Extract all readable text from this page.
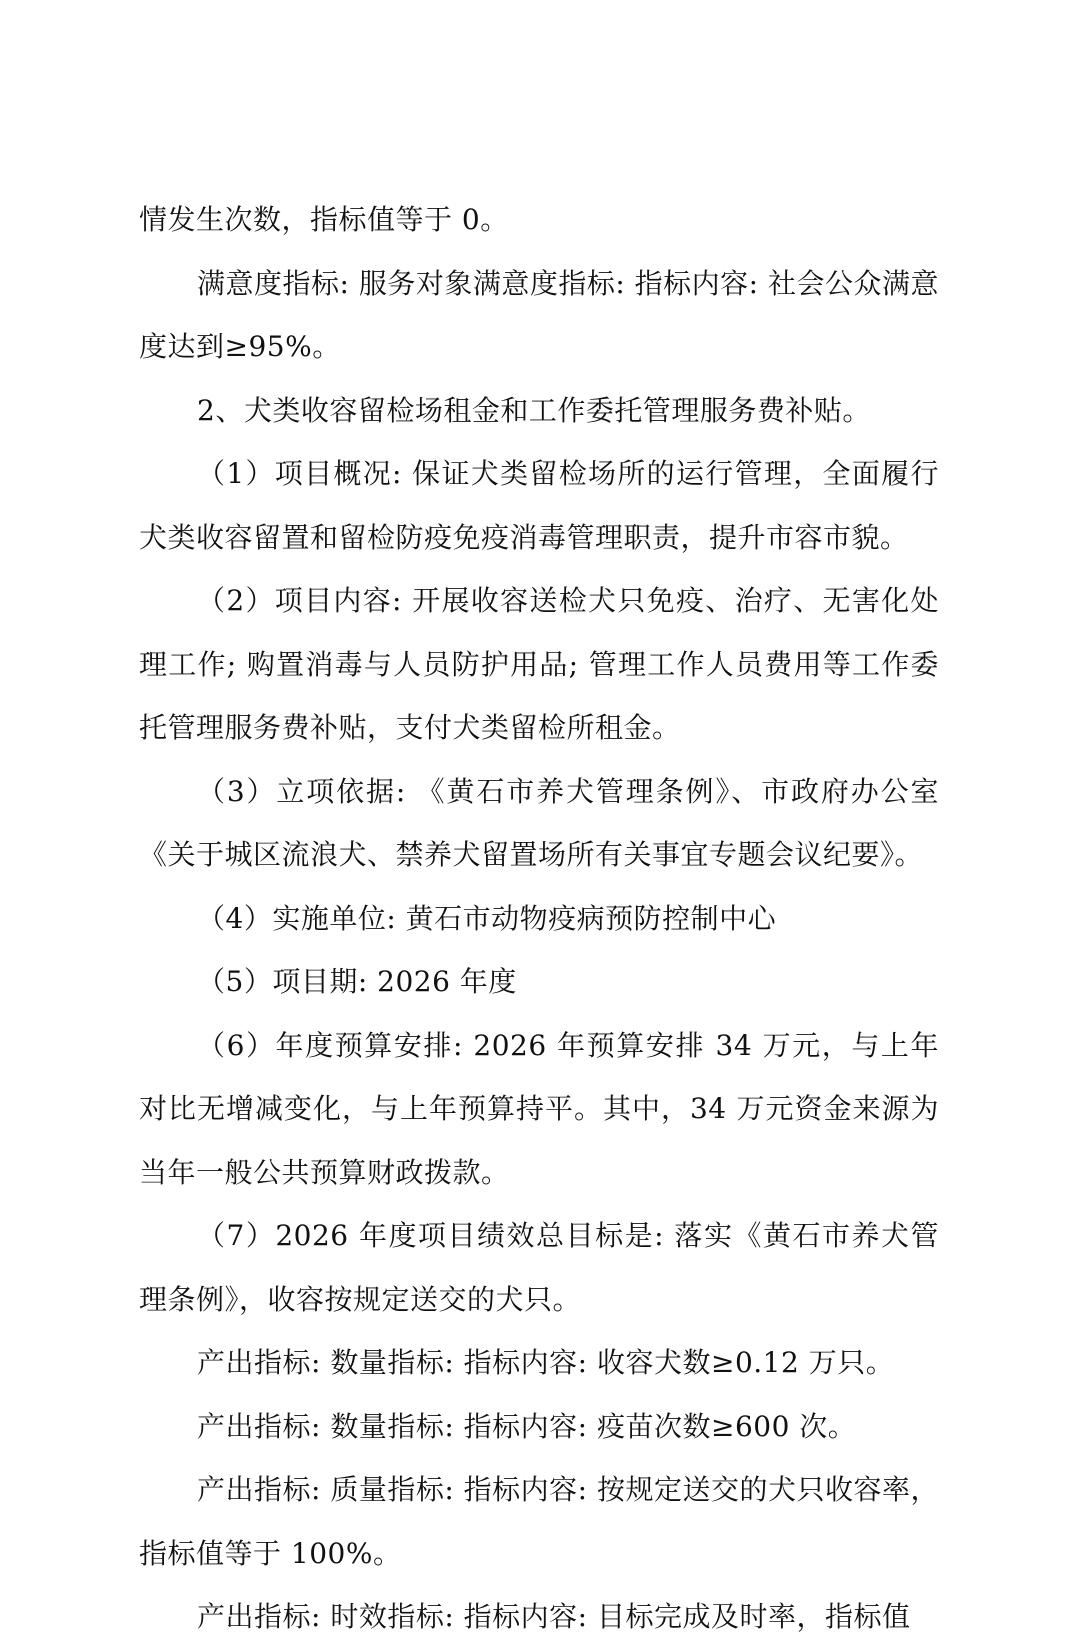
情发生次数，指标值等于 0。

满意度指标: 服务对象满意度指标: 指标内容: 社会公众满意度达到≥95%。

2、犬类收容留检场租金和工作委托管理服务费补贴。

（1）项目概况: 保证犬类留检场所的运行管理，全面履行犬类收容留置和留检防疫免疫消毒管理职责，提升市容市貌。

（2）项目内容: 开展收容送检犬只免疫、治疗、无害化处理工作; 购置消毒与人员防护用品; 管理工作人员费用等工作委托管理服务费补贴，支付犬类留检所租金。

（3）立项依据: 《黄石市养犬管理条例》、市政府办公室《关于城区流浪犬、禁养犬留置场所有关事宜专题会议纪要》。

（4）实施单位: 黄石市动物疫病预防控制中心

（5）项目期: 2026 年度

（6）年度预算安排: 2026 年预算安排 34 万元，与上年对比无增减变化，与上年预算持平。其中，34 万元资金来源为当年一般公共预算财政拨款。

（7）2026 年度项目绩效总目标是: 落实《黄石市养犬管理条例》，收容按规定送交的犬只。

产出指标: 数量指标: 指标内容: 收容犬数≥0.12 万只。

产出指标: 数量指标: 指标内容: 疫苗次数≥600 次。

产出指标: 质量指标: 指标内容: 按规定送交的犬只收容率，指标值等于 100%。

产出指标: 时效指标: 指标内容: 目标完成及时率，指标值
